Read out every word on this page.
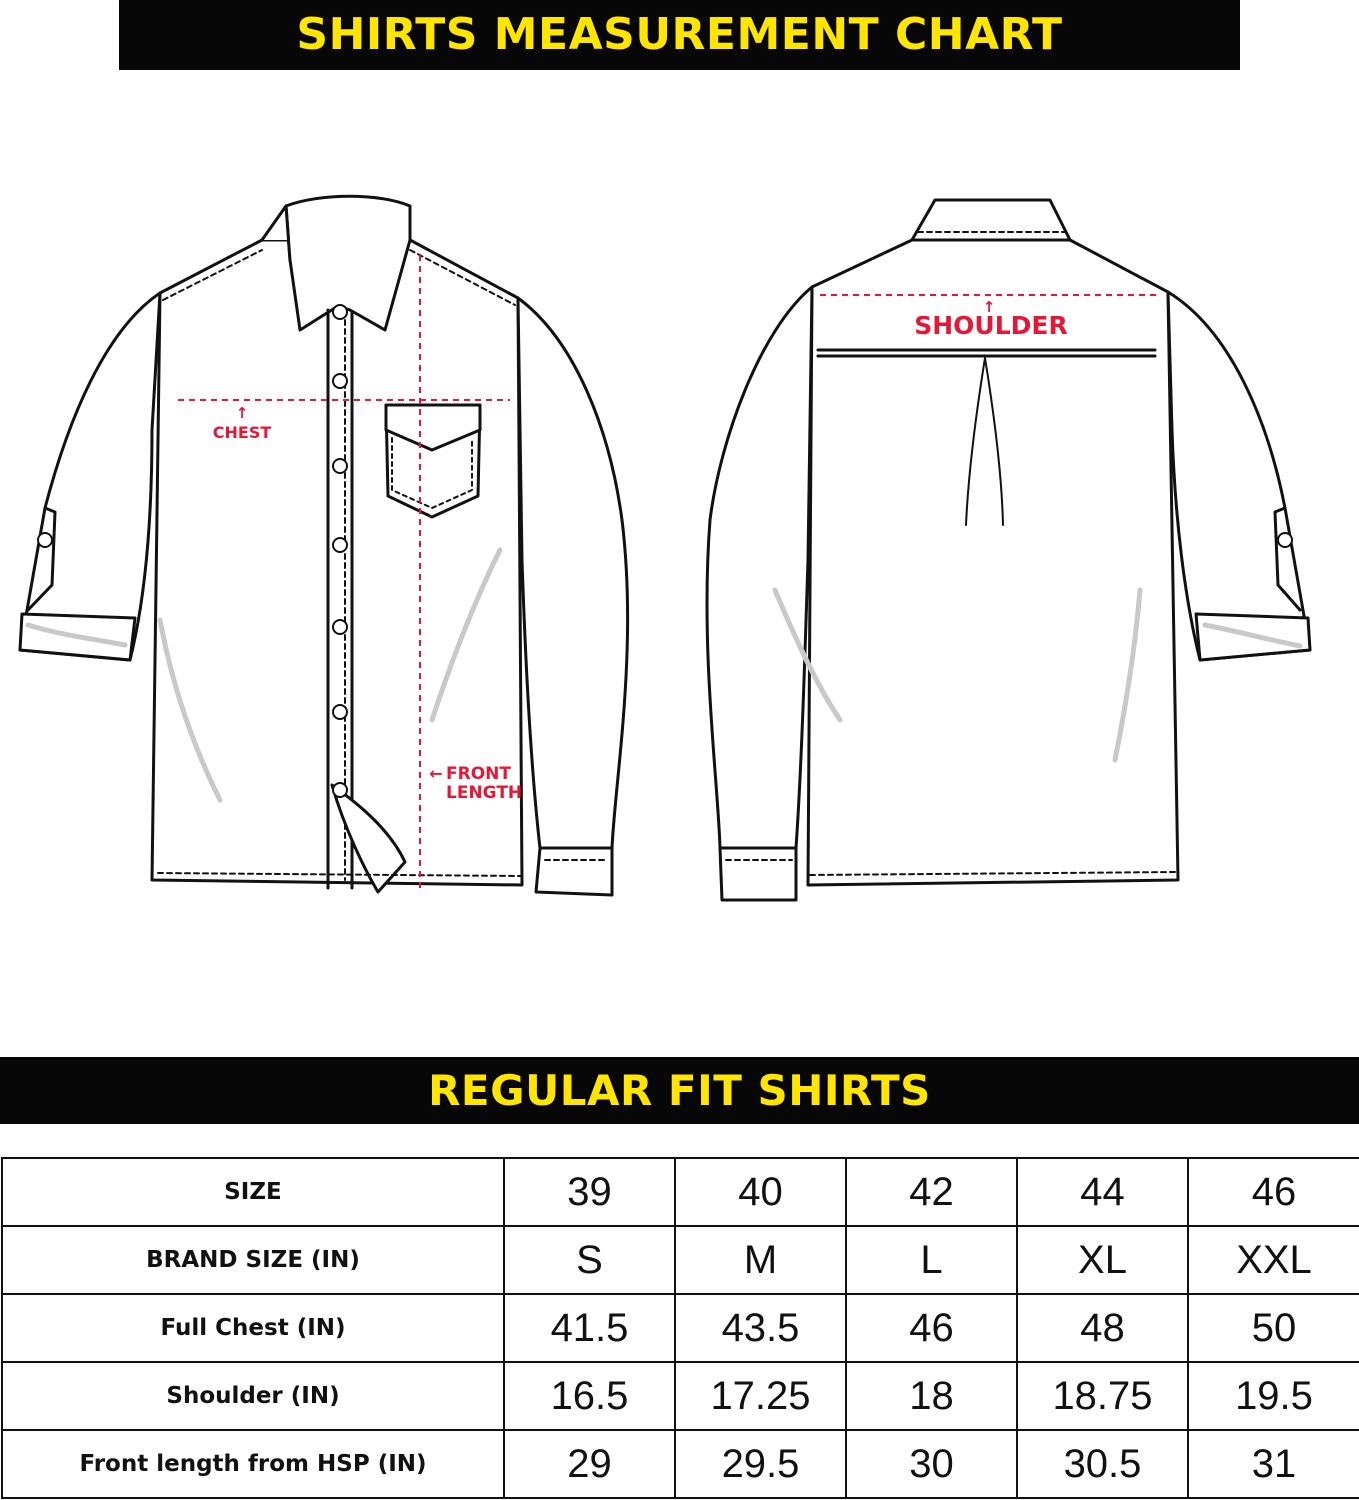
SHIRTS MEASUREMENT CHART
↑
CHEST
← FRONT
LENGTH
↑
SHOULDER
REGULAR FIT SHIRTS
SIZE	39	40	42	44	46
BRAND SIZE (IN)	S	M	L	XL	XXL
Full Chest (IN)	41.5	43.5	46	48	50
Shoulder (IN)	16.5	17.25	18	18.75	19.5
Front length from HSP (IN)	29	29.5	30	30.5	31
